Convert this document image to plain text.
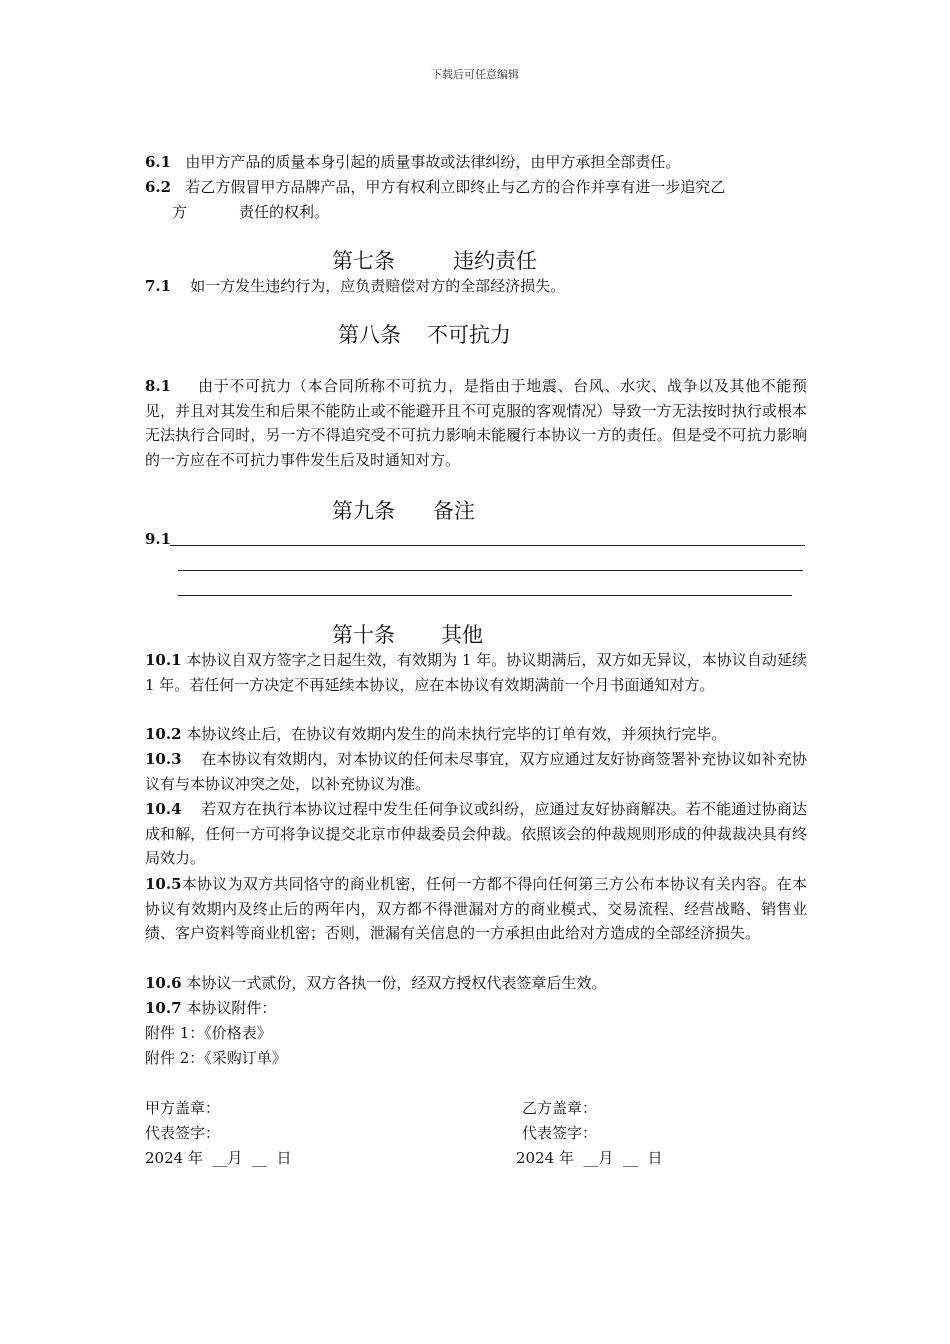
下载后可任意编辑

6.1 由甲方产品的质量本身引起的质量事故或法律纠纷，由甲方承担全部责任。

6.2 若乙方假冒甲方品牌产品，甲方有权利立即终止与乙方的合作并享有进一步追究乙

方	责任的权利。

第七条	违约责任

7.1 如一方发生违约行为，应负责赔偿对方的全部经济损失。

第八条 不可抗力

8.1 由于不可抗力（本合同所称不可抗力，是指由于地震、台风、水灾、战争以及其他不能预见，并且对其发生和后果不能防止或不能避开且不可克服的客观情况）导致一方无法按时执行或根本无法执行合同时，另一方不得追究受不可抗力影响未能履行本协议一方的责任。但是受不可抗力影响的一方应在不可抗力事件发生后及时通知对方。

第九条 备注

9.1

第十条 其他

10.1 本协议自双方签字之日起生效，有效期为 1 年。协议期满后，双方如无异议，本协议自动延续 1 年。若任何一方决定不再延续本协议，应在本协议有效期满前一个月书面通知对方。

10.2 本协议终止后，在协议有效期内发生的尚未执行完毕的订单有效，并须执行完毕。

10.3 在本协议有效期内，对本协议的任何未尽事宜，双方应通过友好协商签署补充协议如补充协议有与本协议冲突之处，以补充协议为准。

10.4 若双方在执行本协议过程中发生任何争议或纠纷，应通过友好协商解决。若不能通过协商达成和解，任何一方可将争议提交北京市仲裁委员会仲裁。依照该会的仲裁规则形成的仲裁裁决具有终局效力。

10.5本协议为双方共同恪守的商业机密，任何一方都不得向任何第三方公布本协议有关内容。在本协议有效期内及终止后的两年内，双方都不得泄漏对方的商业模式、交易流程、经营战略、销售业绩、客户资料等商业机密；否则，泄漏有关信息的一方承担由此给对方造成的全部经济损失。

10.6 本协议一式贰份，双方各执一份，经双方授权代表签章后生效。

10.7 本协议附件：

附件 1：《价格表》

附件 2：《采购订单》

甲方盖章：
代表签字：
2024 年  __月  __  日
乙方盖章：
代表签字：
2024 年  __月  __  日
